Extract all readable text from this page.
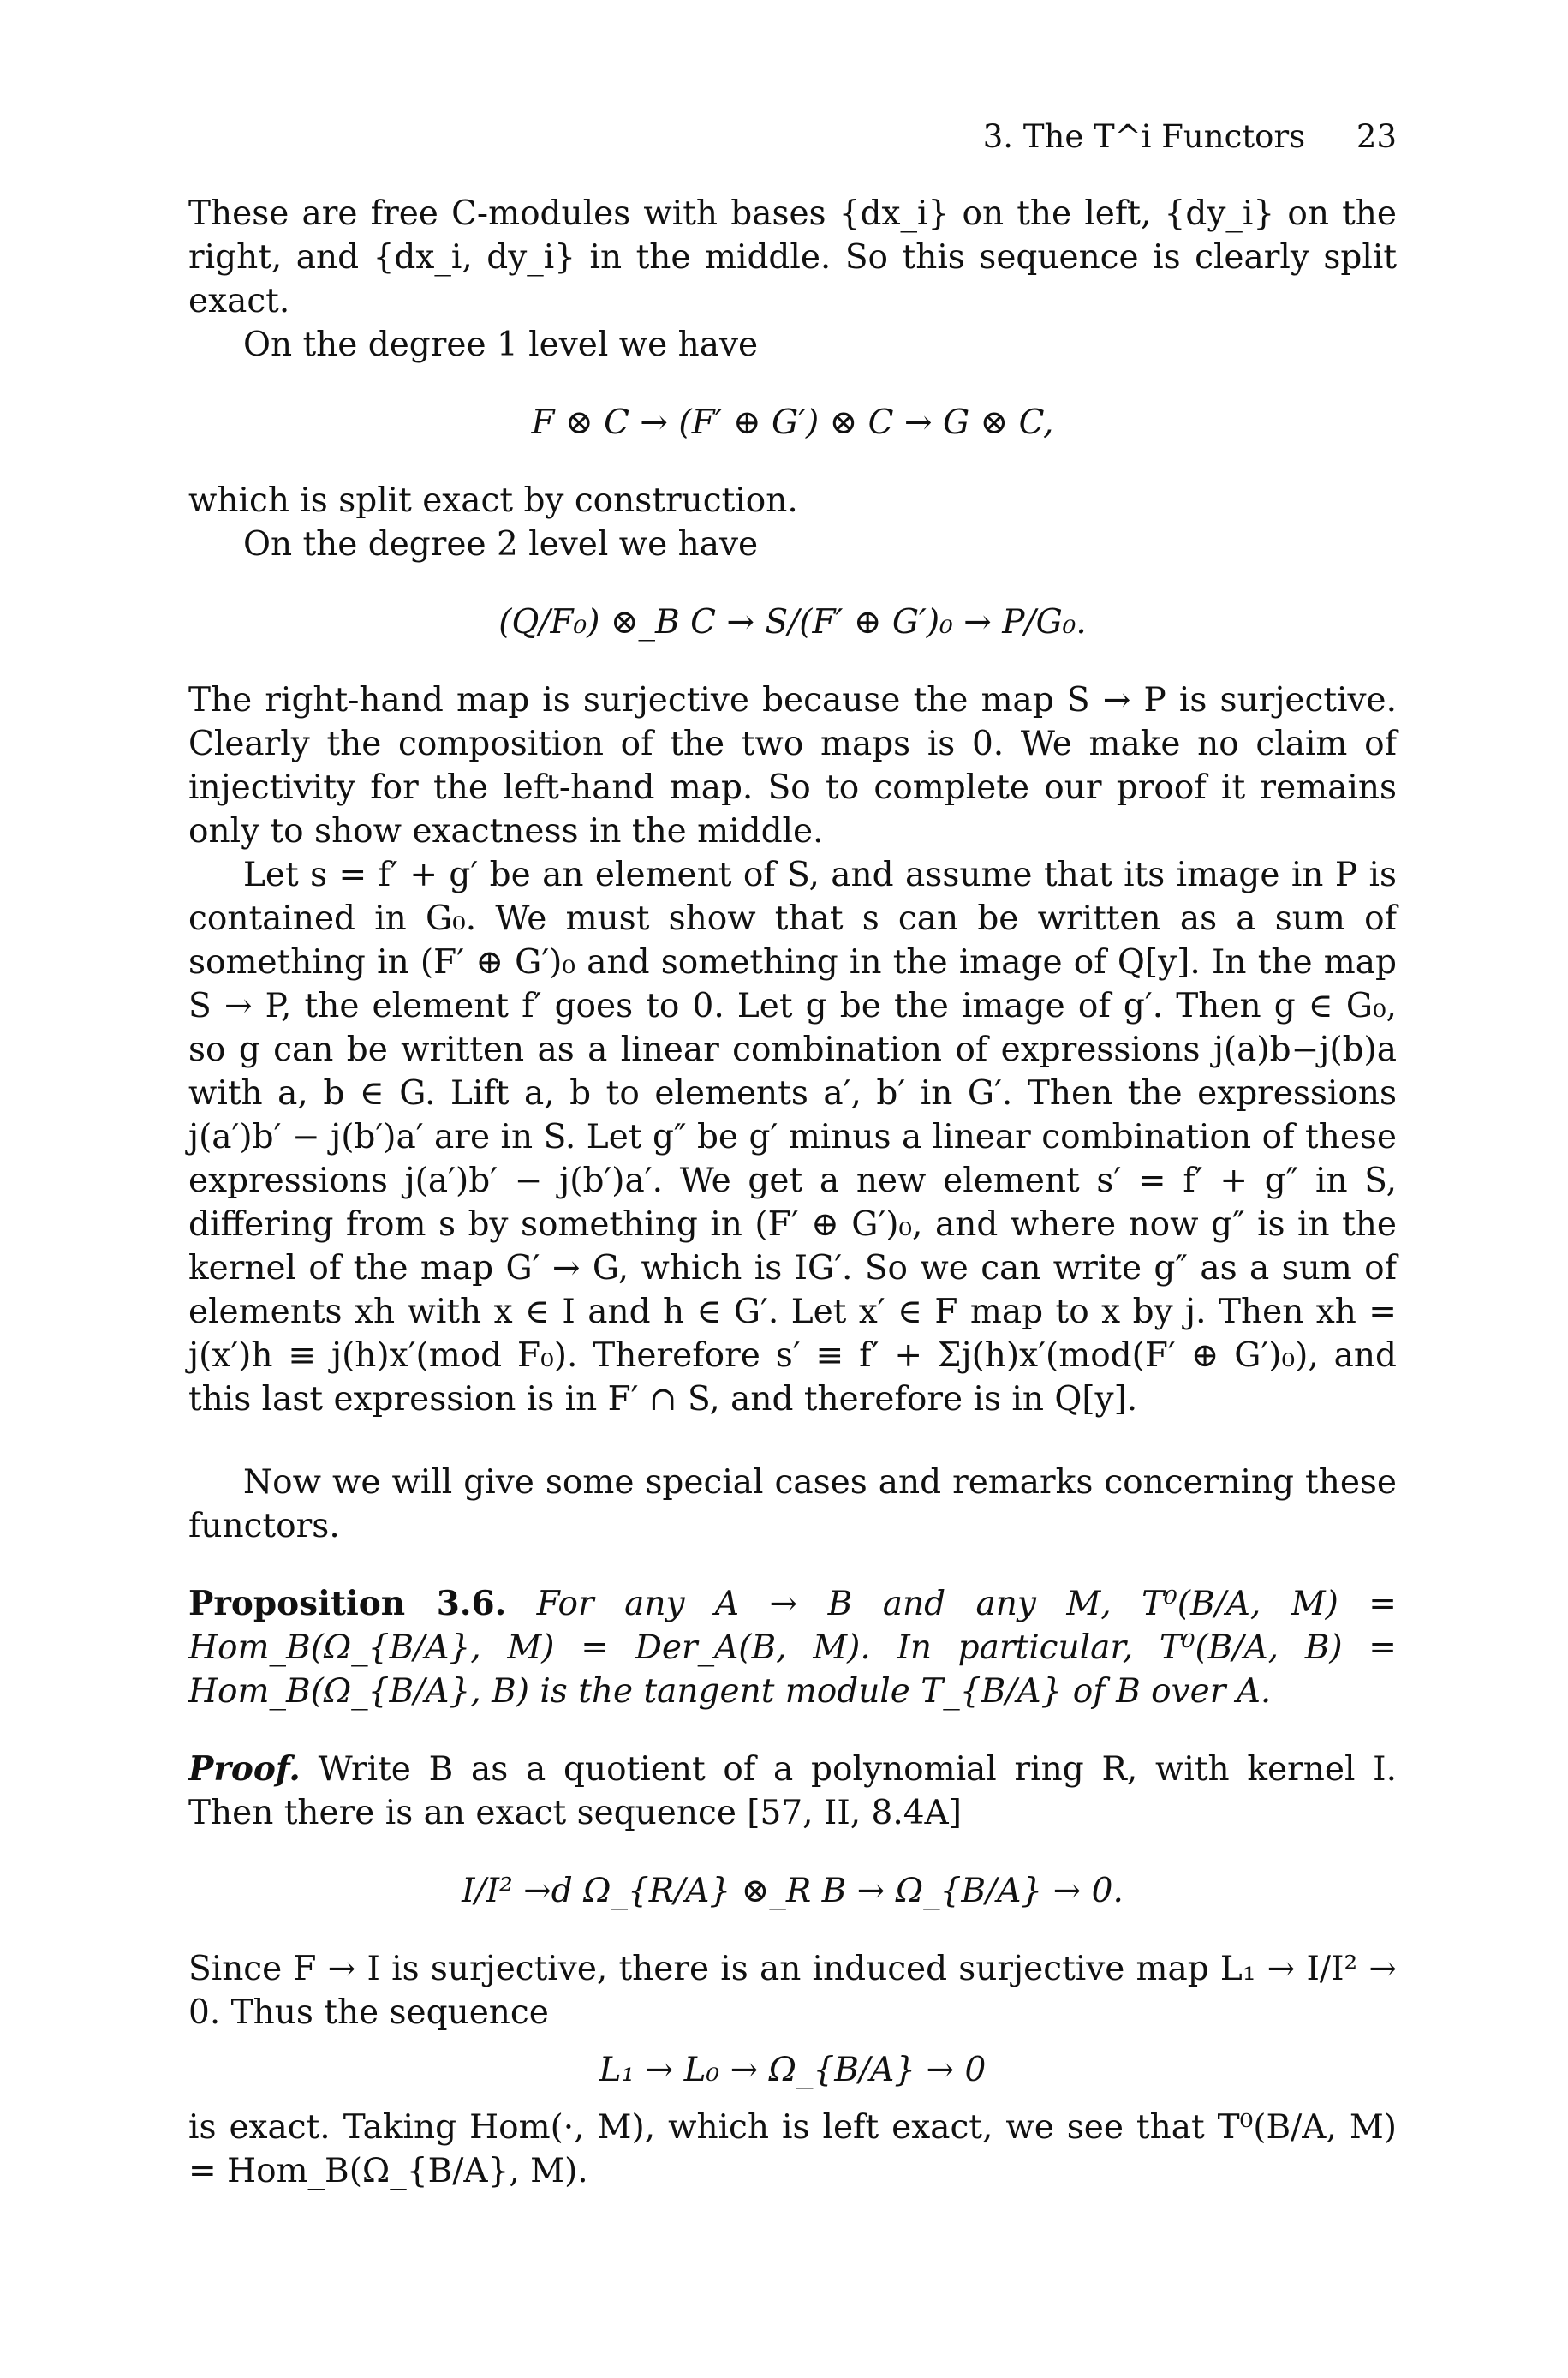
3. The T^i Functors 23

These are free C-modules with bases {dx_i} on the left, {dy_i} on the right, and {dx_i, dy_i} in the middle. So this sequence is clearly split exact.

On the degree 1 level we have

F ⊗ C → (F′ ⊕ G′) ⊗ C → G ⊗ C,

which is split exact by construction.

On the degree 2 level we have

(Q/F₀) ⊗_B C → S/(F′ ⊕ G′)₀ → P/G₀.

The right-hand map is surjective because the map S → P is surjective. Clearly the composition of the two maps is 0. We make no claim of injectivity for the left-hand map. So to complete our proof it remains only to show exactness in the middle.

Let s = f′ + g′ be an element of S, and assume that its image in P is contained in G₀. We must show that s can be written as a sum of something in (F′ ⊕ G′)₀ and something in the image of Q[y]. In the map S → P, the element f′ goes to 0. Let g be the image of g′. Then g ∈ G₀, so g can be written as a linear combination of expressions j(a)b−j(b)a with a, b ∈ G. Lift a, b to elements a′, b′ in G′. Then the expressions j(a′)b′ − j(b′)a′ are in S. Let g″ be g′ minus a linear combination of these expressions j(a′)b′ − j(b′)a′. We get a new element s′ = f′ + g″ in S, differing from s by something in (F′ ⊕ G′)₀, and where now g″ is in the kernel of the map G′ → G, which is IG′. So we can write g″ as a sum of elements xh with x ∈ I and h ∈ G′. Let x′ ∈ F map to x by j. Then xh = j(x′)h ≡ j(h)x′(mod F₀). Therefore s′ ≡ f′ + Σj(h)x′(mod(F′ ⊕ G′)₀), and this last expression is in F′ ∩ S, and therefore is in Q[y].

Now we will give some special cases and remarks concerning these functors.

Proposition 3.6. For any A → B and any M, T⁰(B/A, M) = Hom_B(Ω_{B/A}, M) = Der_A(B, M). In particular, T⁰(B/A, B) = Hom_B(Ω_{B/A}, B) is the tangent module T_{B/A} of B over A.

Proof. Write B as a quotient of a polynomial ring R, with kernel I. Then there is an exact sequence [57, II, 8.4A]

I/I² →d Ω_{R/A} ⊗_R B → Ω_{B/A} → 0.

Since F → I is surjective, there is an induced surjective map L₁ → I/I² → 0. Thus the sequence

L₁ → L₀ → Ω_{B/A} → 0

is exact. Taking Hom(·, M), which is left exact, we see that T⁰(B/A, M) = Hom_B(Ω_{B/A}, M).
